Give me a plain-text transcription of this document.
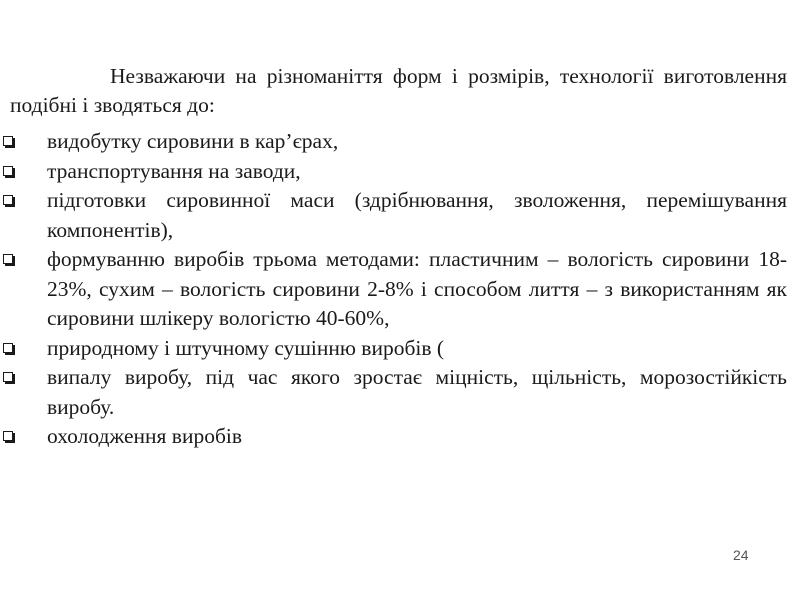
Незважаючи на різноманіття форм і розмірів, технології виготовлення подібні і зводяться до:

видобутку сировини в кар’єрах,
транспортування на заводи,
підготовки сировинної маси (здрібнювання, зволоження, перемішування компонентів),
формуванню виробів трьома методами: пластичним – вологість сировини 18-23%, сухим – вологість сировини 2-8% і способом лиття – з використанням як сировини шлікеру вологістю 40-60%,
природному і штучному сушінню виробів (
випалу виробу, під час якого зростає міцність, щільність, морозостійкість виробу.
охолодження виробів
24
